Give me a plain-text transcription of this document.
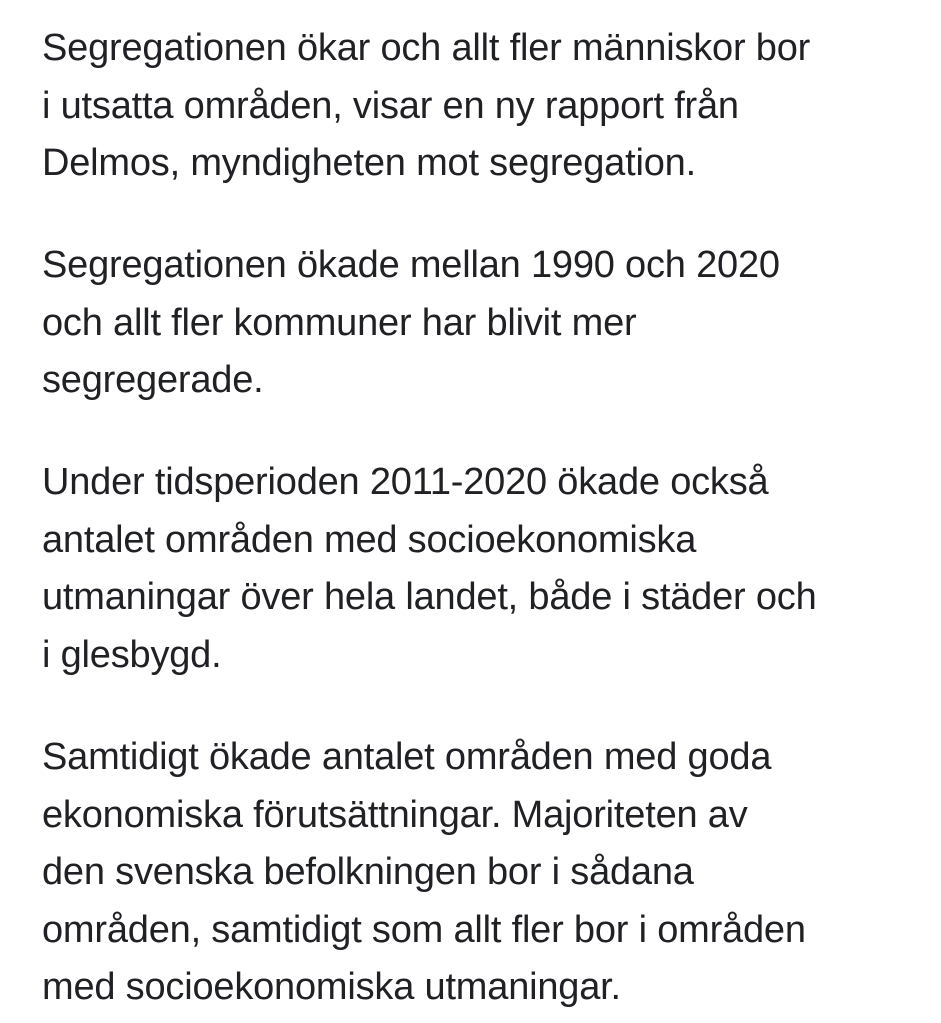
Segregationen ökar och allt fler människor bor
i utsatta områden, visar en ny rapport från
Delmos, myndigheten mot segregation.

Segregationen ökade mellan 1990 och 2020
och allt fler kommuner har blivit mer
segregerade.

Under tidsperioden 2011-2020 ökade också
antalet områden med socioekonomiska
utmaningar över hela landet, både i städer och
i glesbygd.

Samtidigt ökade antalet områden med goda
ekonomiska förutsättningar. Majoriteten av
den svenska befolkningen bor i sådana
områden, samtidigt som allt fler bor i områden
med socioekonomiska utmaningar.
